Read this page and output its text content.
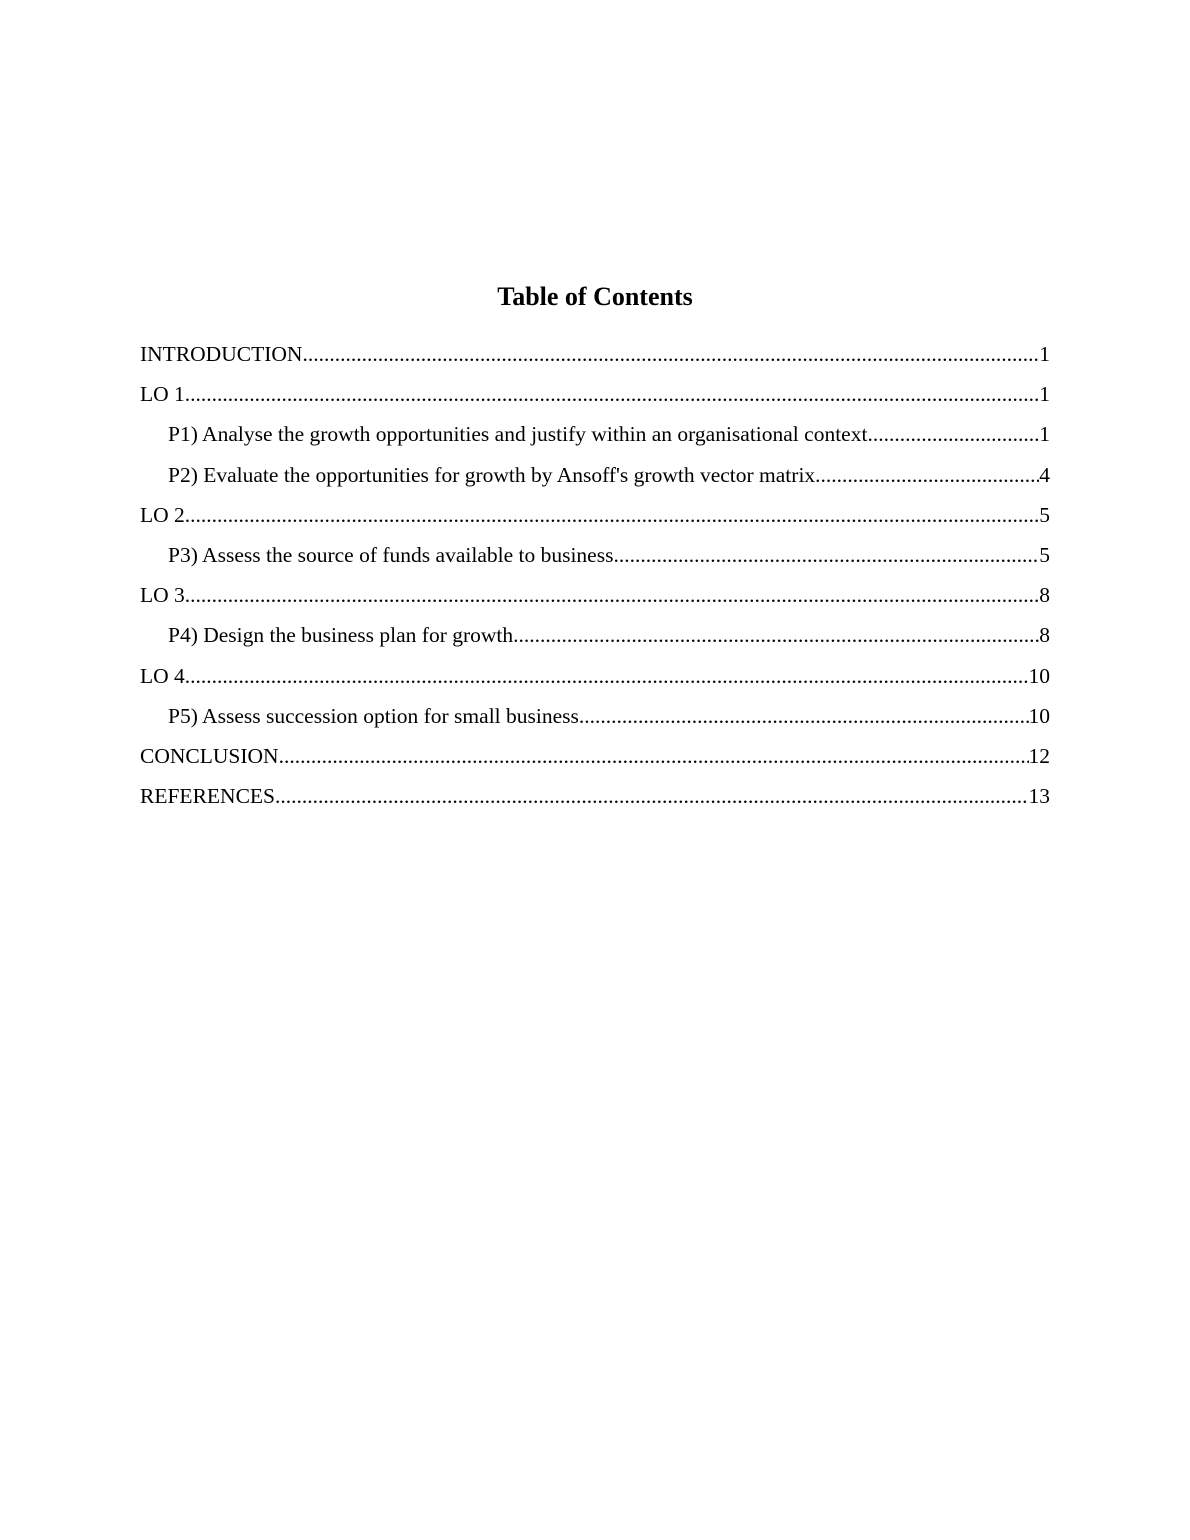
Table of Contents
INTRODUCTION .....	1
LO 1 .....	1
P1) Analyse the growth opportunities and justify within an organisational context. .....	1
P2) Evaluate the opportunities for growth by Ansoff's growth vector matrix .....	4
LO 2 .....	5
P3) Assess the source of funds available to business .....	5
LO 3 .....	8
P4) Design the business plan for growth .....	8
LO 4 .....	10
P5) Assess succession option for small business .....	10
CONCLUSION .....	12
REFERENCES .....	13
